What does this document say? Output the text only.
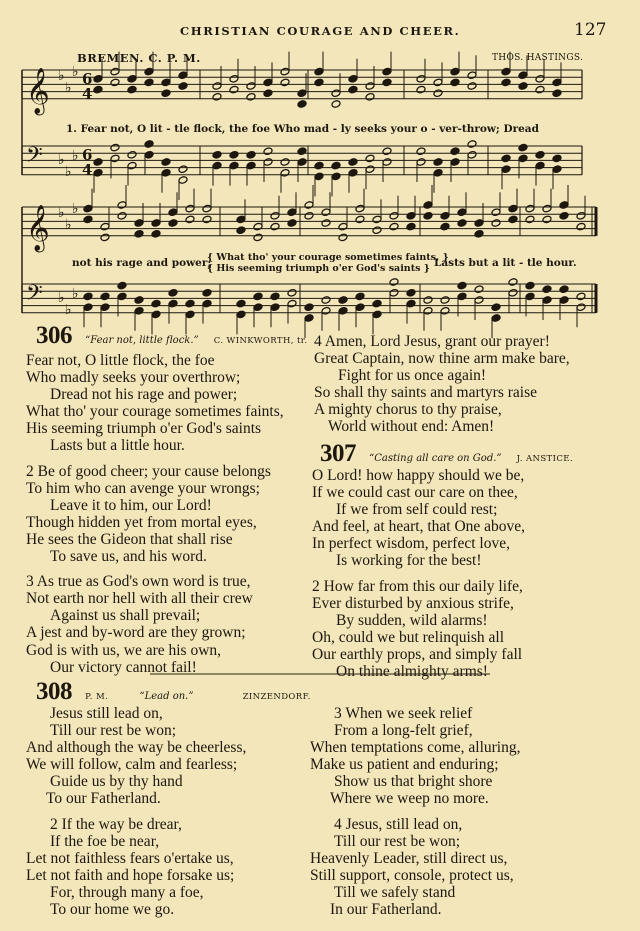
CHRISTIAN COURAGE AND CHEER.	127
BREMEN. C. P. M.	THOS. HASTINGS.
𝄞 ♭
♭
♭ 6
4
𝄢 ♭
♭
♭ 6
4
𝄞 ♭
♭
♭
𝄢 ♭
♭
♭
1. Fear not, O lit - tle flock, the foe Who mad - ly seeks your o - ver-throw; Dread
not his rage and power;
{ What tho' your courage sometimes faints, }
{ His seeming triumph o'er God's saints } Lasts but a lit - tle hour.
306 “Fear not, little flock.” C. WINKWORTH, tr.
Fear not, O little flock, the foe
Who madly seeks your overthrow;
Dread not his rage and power;
What tho' your courage sometimes faints,
His seeming triumph o'er God's saints
Lasts but a little hour.
2 Be of good cheer; your cause belongs
To him who can avenge your wrongs;
Leave it to him, our Lord!
Though hidden yet from mortal eyes,
He sees the Gideon that shall rise
To save us, and his word.
3 As true as God's own word is true,
Not earth nor hell with all their crew
Against us shall prevail;
A jest and by-word are they grown;
God is with us, we are his own,
Our victory cannot fail!
4 Amen, Lord Jesus, grant our prayer!
Great Captain, now thine arm make bare,
Fight for us once again!
So shall thy saints and martyrs raise
A mighty chorus to thy praise,
World without end: Amen!
307 “Casting all care on God.” J. ANSTICE.
O Lord! how happy should we be,
If we could cast our care on thee,
If we from self could rest;
And feel, at heart, that One above,
In perfect wisdom, perfect love,
Is working for the best!
2 How far from this our daily life,
Ever disturbed by anxious strife,
By sudden, wild alarms!
Oh, could we but relinquish all
Our earthly props, and simply fall
On thine almighty arms!
308 P. M.	“Lead on.”	ZINZENDORF.
Jesus still lead on,
Till our rest be won;
And although the way be cheerless,
We will follow, calm and fearless;
Guide us by thy hand
To our Fatherland.
2 If the way be drear,
If the foe be near,
Let not faithless fears o'ertake us,
Let not faith and hope forsake us;
For, through many a foe,
To our home we go.
3 When we seek relief
From a long-felt grief,
When temptations come, alluring,
Make us patient and enduring;
Show us that bright shore
Where we weep no more.
4 Jesus, still lead on,
Till our rest be won;
Heavenly Leader, still direct us,
Still support, console, protect us,
Till we safely stand
In our Fatherland.
